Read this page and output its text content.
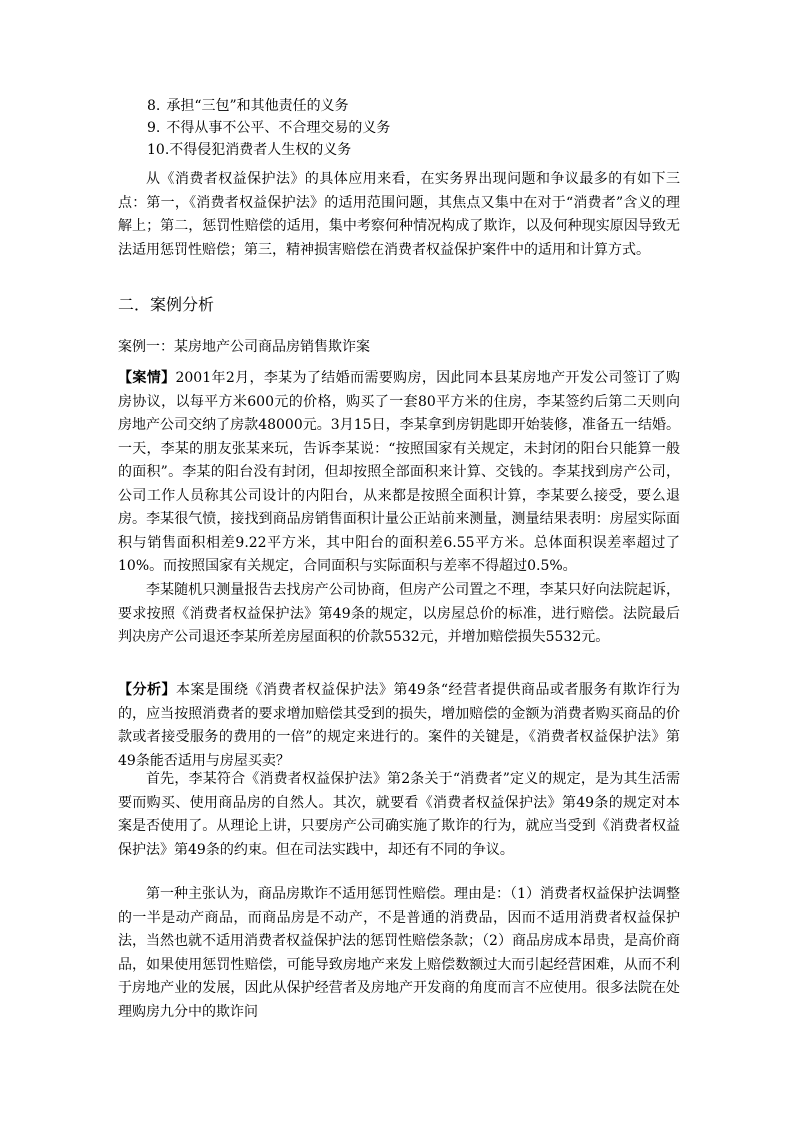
8. 承担“三包”和其他责任的义务
9. 不得从事不公平、不合理交易的义务
10.不得侵犯消费者人生权的义务

从《消费者权益保护法》的具体应用来看，在实务界出现问题和争议最多的有如下三点：第一，《消费者权益保护法》的适用范围问题，其焦点又集中在对于“消费者”含义的理解上；第二，惩罚性赔偿的适用，集中考察何种情况构成了欺诈，以及何种现实原因导致无法适用惩罚性赔偿；第三，精神损害赔偿在消费者权益保护案件中的适用和计算方式。

二．案例分析
案例一：某房地产公司商品房销售欺诈案

【案情】2001年2月，李某为了结婚而需要购房，因此同本县某房地产开发公司签订了购房协议，以每平方米600元的价格，购买了一套80平方米的住房，李某签约后第二天则向房地产公司交纳了房款48000元。3月15日，李某拿到房钥匙即开始装修，准备五一结婚。一天，李某的朋友张某来玩，告诉李某说：“按照国家有关规定，未封闭的阳台只能算一般的面积”。李某的阳台没有封闭，但却按照全部面积来计算、交钱的。李某找到房产公司，公司工作人员称其公司设计的内阳台，从来都是按照全面积计算，李某要么接受，要么退房。李某很气愤，接找到商品房销售面积计量公正站前来测量，测量结果表明：房屋实际面积与销售面积相差9.22平方米，其中阳台的面积差6.55平方米。总体面积误差率超过了10%。而按照国家有关规定，合同面积与实际面积与差率不得超过0.5%。

李某随机只测量报告去找房产公司协商，但房产公司置之不理，李某只好向法院起诉，要求按照《消费者权益保护法》第49条的规定，以房屋总价的标准，进行赔偿。法院最后判决房产公司退还李某所差房屋面积的价款5532元，并增加赔偿损失5532元。

【分析】本案是围绕《消费者权益保护法》第49条“经营者提供商品或者服务有欺诈行为的，应当按照消费者的要求增加赔偿其受到的损失，增加赔偿的金额为消费者购买商品的价款或者接受服务的费用的一倍”的规定来进行的。案件的关键是，《消费者权益保护法》第49条能否适用与房屋买卖？

首先，李某符合《消费者权益保护法》第2条关于“消费者”定义的规定，是为其生活需要而购买、使用商品房的自然人。其次，就要看《消费者权益保护法》第49条的规定对本案是否使用了。从理论上讲，只要房产公司确实施了欺诈的行为，就应当受到《消费者权益保护法》第49条的约束。但在司法实践中，却还有不同的争议。

第一种主张认为，商品房欺诈不适用惩罚性赔偿。理由是：（1）消费者权益保护法调整的一半是动产商品，而商品房是不动产，不是普通的消费品，因而不适用消费者权益保护法，当然也就不适用消费者权益保护法的惩罚性赔偿条款；（2）商品房成本昂贵，是高价商品，如果使用惩罚性赔偿，可能导致房地产来发上赔偿数额过大而引起经营困难，从而不利于房地产业的发展，因此从保护经营者及房地产开发商的角度而言不应使用。很多法院在处理购房九分中的欺诈问
